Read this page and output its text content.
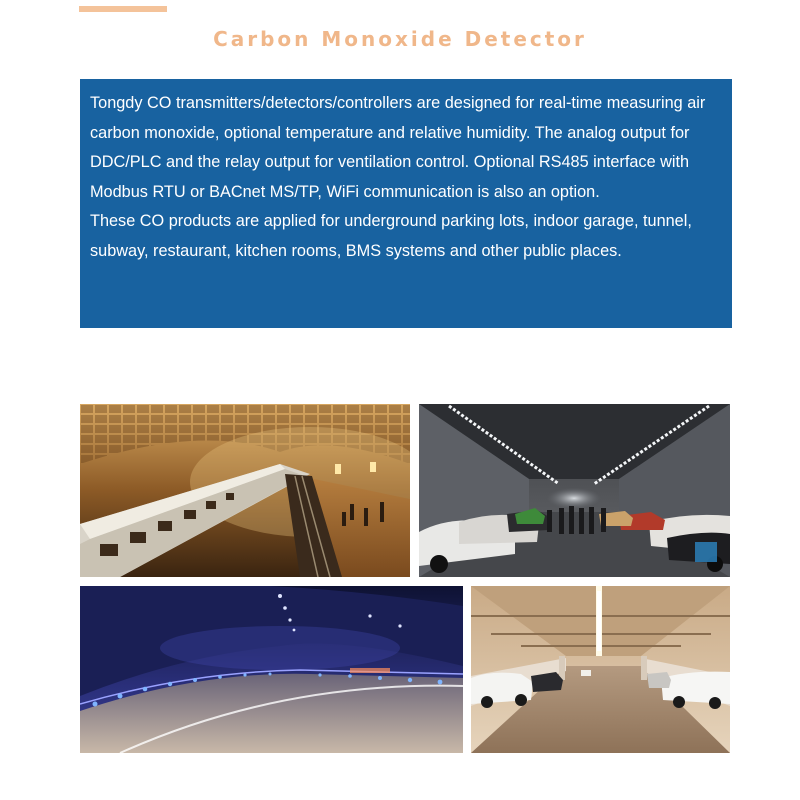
Carbon Monoxide Detector

Tongdy CO transmitters/detectors/controllers are designed for real-time measuring air carbon monoxide, optional temperature and relative humidity. The analog output for DDC/PLC and the relay output for ventilation control. Optional RS485 interface with Modbus RTU or BACnet MS/TP, WiFi communication is also an option.

These CO products are applied for underground parking lots, indoor garage, tunnel, subway, restaurant, kitchen rooms, BMS systems and other public places.
